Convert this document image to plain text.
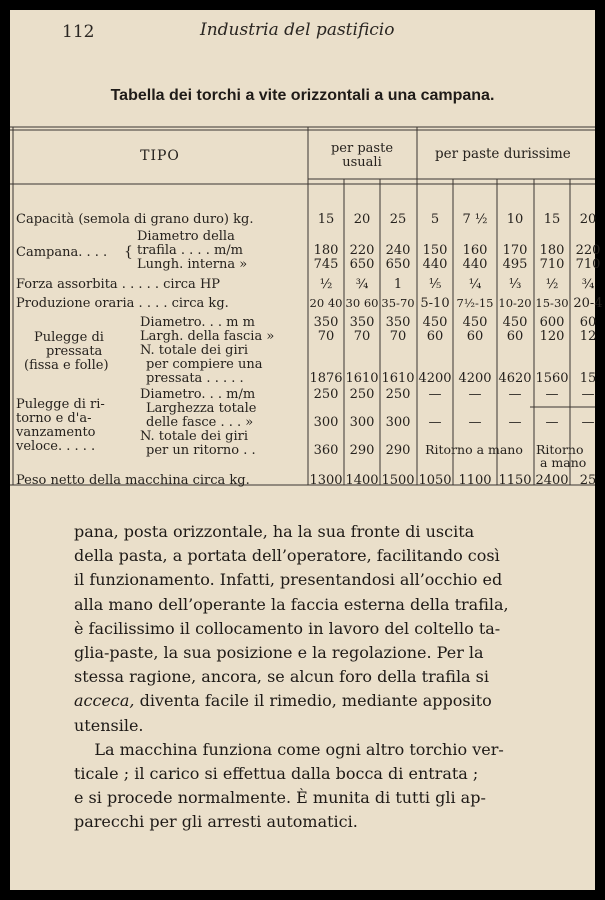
112	Industria del pastificio
Tabella dei torchi a vite orizzontali a una campana.
TIPO	per paste
usuali
per paste durissime
Capacità (semola di grano duro) kg.
Campana. . . . {
Diametro della
trafila . . . . m/m
Lungh. interna »
Forza assorbita . . . . . circa HP
Produzione oraria . . . . circa kg.
Pulegge di
pressata
(fissa e folle)
Diametro. . . m m
Largh. della fascia »
N. totale dei giri
per compiere una
pressata . . . . .
Pulegge di ri-
torno e d'a-
vanzamento
veloce. . . . .
Diametro. . . m/m
Larghezza totale
delle fasce . . . »
N. totale dei giri
per un ritorno . .
Peso netto della macchina circa kg.
15 20 25 5 7 ½ 10 15 20
180 220 240 150 160 170 180 220
745 650 650 440 440 495 710 710
½ ¾ 1 ⅕ ¼ ⅓ ½ ¾
20 40 30 60 35-70 5-10 7½-15 10-20 15-30 20-4
350 350 350 450 450 450 600 60
70 70 70 60 60 60 120 12
1876 1610 1610 4200 4200 4620 1560 15
250 250 250 — — — — —
300 300 300 — — — — —
360 290 290
1300 1400 1500 1050 1100 1150 2400 25
Ritorno a mano Ritorno
a mano
pana, posta orizzontale, ha la sua fronte di uscita
della pasta, a portata dell’operatore, facilitando così
il funzionamento. Infatti, presentandosi all’occhio ed
alla mano dell’operante la faccia esterna della trafila,
è facilissimo il collocamento in lavoro del coltello ta-
glia-paste, la sua posizione e la regolazione. Per la
stessa ragione, ancora, se alcun foro della trafila si
acceca, diventa facile il rimedio, mediante apposito
utensile.
La macchina funziona come ogni altro torchio ver-
ticale ; il carico si effettua dalla bocca di entrata ;
e si procede normalmente. È munita di tutti gli ap-
parecchi per gli arresti automatici.
